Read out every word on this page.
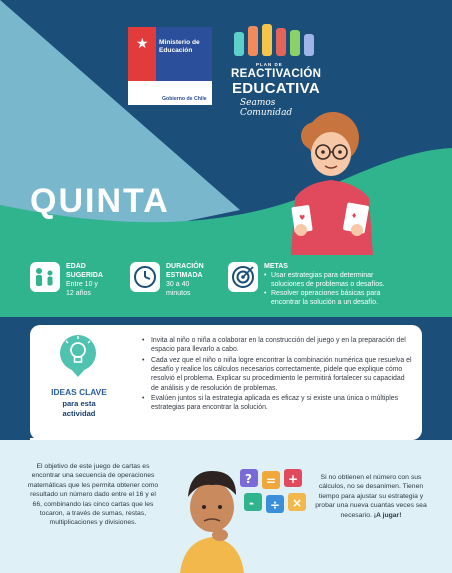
QUINTA
★ Ministerio de
Educación
Gobierno de Chile
PLAN DE
REACTIVACIÓN
EDUCATIVA
Seamos Comunidad
♥	♦
EDAD
SUGERIDA
Entre 10 y
12 años
DURACIÓN
ESTIMADA
30 a 40
minutos
METAS
• Usar estrategias para determinar soluciones de problemas o desafíos.
• Resolver operaciones básicas para encontrar la solución a un desafío.
IDEAS CLAVE
para esta
actividad
• Invita al niño o niña a colaborar en la construcción del juego y en la preparación del espacio para llevarlo a cabo.
• Cada vez que el niño o niña logre encontrar la combinación numérica que resuelva el desafío y realice los cálculos necesarios correctamente, pídele que explique cómo resolvió el problema. Explicar su procedimiento le permitirá fortalecer su capacidad de análisis y de resolución de problemas.
• Evalúen juntos si la estrategia aplicada es eficaz y si existe una única o múltiples estrategias para encontrar la solución.
El objetivo de este juego de cartas es encontrar una secuencia de operaciones matemáticas que les permita obtener como resultado un número dado entre el 16 y el 66, combinando las cinco cartas que les tocaron, a través de sumas, restas, multiplicaciones y divisiones.
Si no obtienen el número con sus cálculos, no se desanimen. Tienen tiempo para ajustar su estrategia y probar una nueva cuantas veces sea necesario. ¡A jugar!
? = +
- ÷ ×
